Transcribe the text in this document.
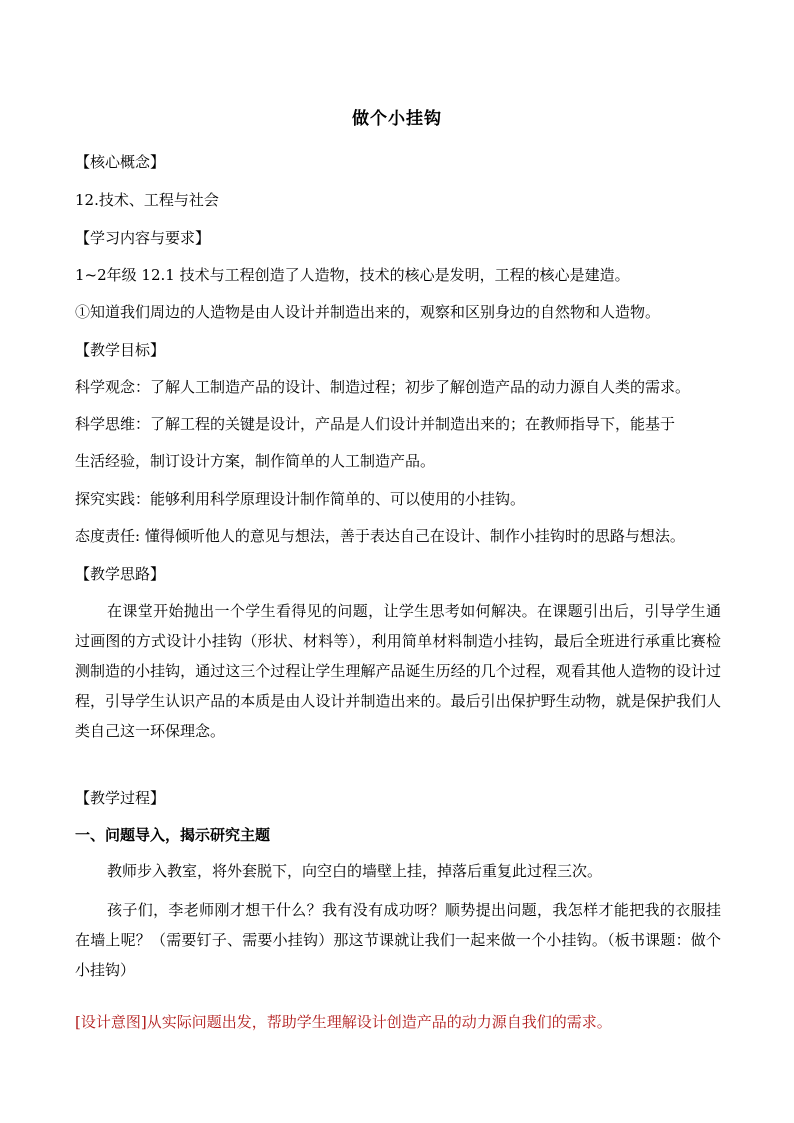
做个小挂钩
【核心概念】
12.技术、工程与社会
【学习内容与要求】
1~2年级 12.1 技术与工程创造了人造物，技术的核心是发明，工程的核心是建造。
①知道我们周边的人造物是由人设计并制造出来的，观察和区别身边的自然物和人造物。
【教学目标】
科学观念：了解人工制造产品的设计、制造过程；初步了解创造产品的动力源自人类的需求。
科学思维：了解工程的关键是设计，产品是人们设计并制造出来的；在教师指导下，能基于
生活经验，制订设计方案，制作简单的人工制造产品。
探究实践：能够利用科学原理设计制作简单的、可以使用的小挂钩。
态度责任: 懂得倾听他人的意见与想法，善于表达自己在设计、制作小挂钩时的思路与想法。
【教学思路】
在课堂开始抛出一个学生看得见的问题，让学生思考如何解决。在课题引出后，引导学生通过画图的方式设计小挂钩（形状、材料等），利用简单材料制造小挂钩，最后全班进行承重比赛检测制造的小挂钩，通过这三个过程让学生理解产品诞生历经的几个过程，观看其他人造物的设计过程，引导学生认识产品的本质是由人设计并制造出来的。最后引出保护野生动物，就是保护我们人类自己这一环保理念。
【教学过程】
一、问题导入，揭示研究主题
教师步入教室，将外套脱下，向空白的墙壁上挂，掉落后重复此过程三次。
孩子们，李老师刚才想干什么？我有没有成功呀？顺势提出问题，我怎样才能把我的衣服挂在墙上呢？（需要钉子、需要小挂钩）那这节课就让我们一起来做一个小挂钩。（板书课题：做个小挂钩）
[设计意图]从实际问题出发，帮助学生理解设计创造产品的动力源自我们的需求。
